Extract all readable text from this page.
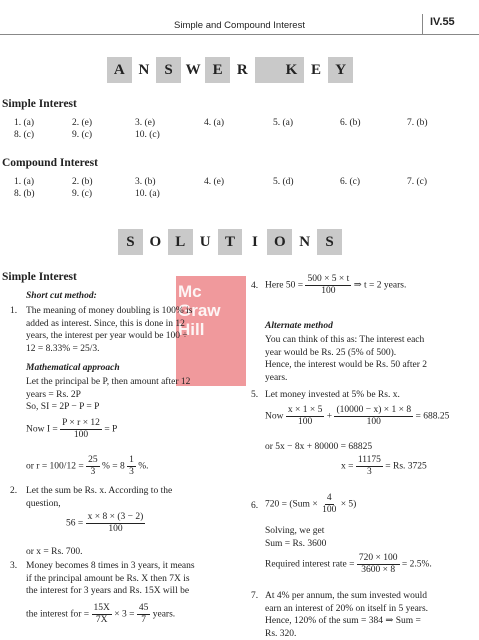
Simple and Compound Interest	IV.55
A N	S W E R	K E Y
Simple Interest
1. (a)	2. (e)	3. (e)	4. (a)	5. (a)	6. (b)	7. (b)
8. (c)	9. (c)	10. (c)
Compound Interest
1. (a)	2. (b)	3. (b)	4. (e)	5. (d)	6. (c)	7. (c)
8. (b)	9. (c)	10. (a)
S O L U T	I	O N	S
Mc
Graw
Hill
Simple Interest
Short cut method:
1. The meaning of money doubling is 100% is
added as interest. Since, this is done in 12
years, the interest per year would be 100 ÷
12 = 8.33% = 25/3.
Mathematical approach
Let the principal be P, then amount after 12
years = Rs. 2P
So, SI = 2P − P = P
Now $I = \frac{P \times r \times 12}{100} = P$
or $r = 100/12 = \frac{25}{3}$ % = $8 \frac{1}{3}$ %.
2. Let the sum be Rs. x. According to the
question,
$56 = \frac{x \times 8 \times (3 - 2)}{100}$
or x = Rs. 700.
3. Money becomes 8 times in 3 years, it means
if the principal amount be Rs. X then 7X is
the interest for 3 years and Rs. 15X will be
the interest for = $\frac{15X}{7X} \times 3 = \frac{45}{7}$ years.
4. Here $50 = \frac{500 \times 5 \times t}{100}$ ⇒ t = 2 years.
Alternate method
You can think of this as: The interest each
year would be Rs. 25 (5% of 500).
Hence, the interest would be Rs. 50 after 2
years.
5. Let money invested at 5% be Rs. x.
Now $\frac{x \times 1 \times 5}{100} + \frac{(10000 - x) \times 1 \times 8}{100} = 688.25$
or 5x − 8x + 80000 = 68825
$x = \frac{11175}{3} = Rs$. 3725
6. $720 = (Sum \times \frac{4}{100} \times 5)$
Solving, we get
Sum = Rs. 3600
Required interest rate = $\frac{720 \times 100}{3600 \times 8} = 2.5\%$.
7. At 4% per annum, the sum invested would
earn an interest of 20% on itself in 5 years.
Hence, 120% of the sum = 384 ⇒ Sum =
Rs. 320.
